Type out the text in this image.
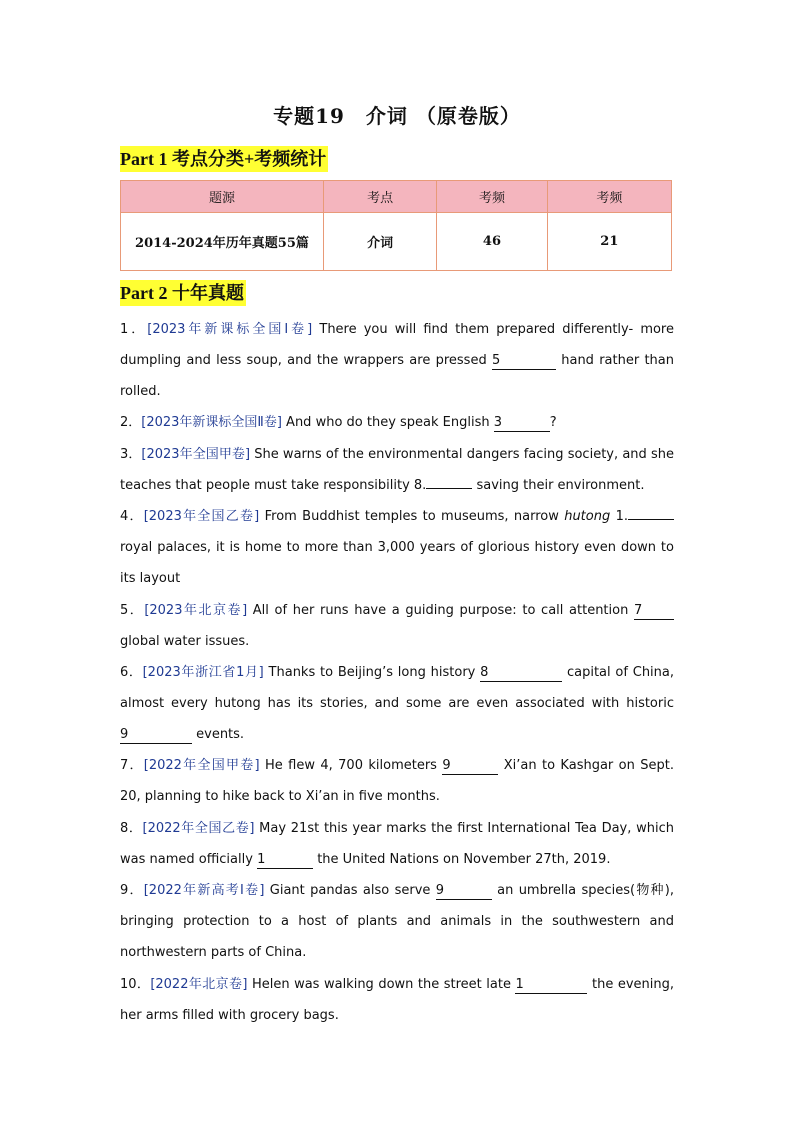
专题19　介词 （原卷版）
Part 1 考点分类+考频统计
题源	考点	考频	考频
2014-2024年历年真题55篇	介词	46	21
Part 2 十年真题
1．[2023年新课标全国Ⅰ卷] There you will find them prepared differently- more dumpling and less soup, and the wrappers are pressed 5	hand rather than rolled.
2．[2023年新课标全国Ⅱ卷] And who do they speak English 3	?
3．[2023年全国甲卷] She warns of the environmental dangers facing society, and she teaches that people must take responsibility 8.	saving their environment.
4．[2023年全国乙卷] From Buddhist temples to museums, narrow hutong 1. royal palaces, it is home to more than 3,000 years of glorious history even down to its layout
5．[2023年北京卷] All of her runs have a guiding purpose: to call attention 7 global water issues.
6．[2023年浙江省1月] Thanks to Beijing’s long history 8	capital of China, almost every hutong has its stories, and some are even associated with historic 9	events.
7．[2022年全国甲卷] He flew 4, 700 kilometers 9	Xi’an to Kashgar on Sept. 20, planning to hike back to Xi’an in five months.
8．[2022年全国乙卷] May 21st this year marks the first International Tea Day, which was named officially 1	the United Nations on November 27th, 2019.
9．[2022年新高考Ⅰ卷] Giant pandas also serve 9	an umbrella species(物种), bringing protection to a host of plants and animals in the southwestern and northwestern parts of China.
10．[2022年北京卷] Helen was walking down the street late 1	the evening, her arms filled with grocery bags.
